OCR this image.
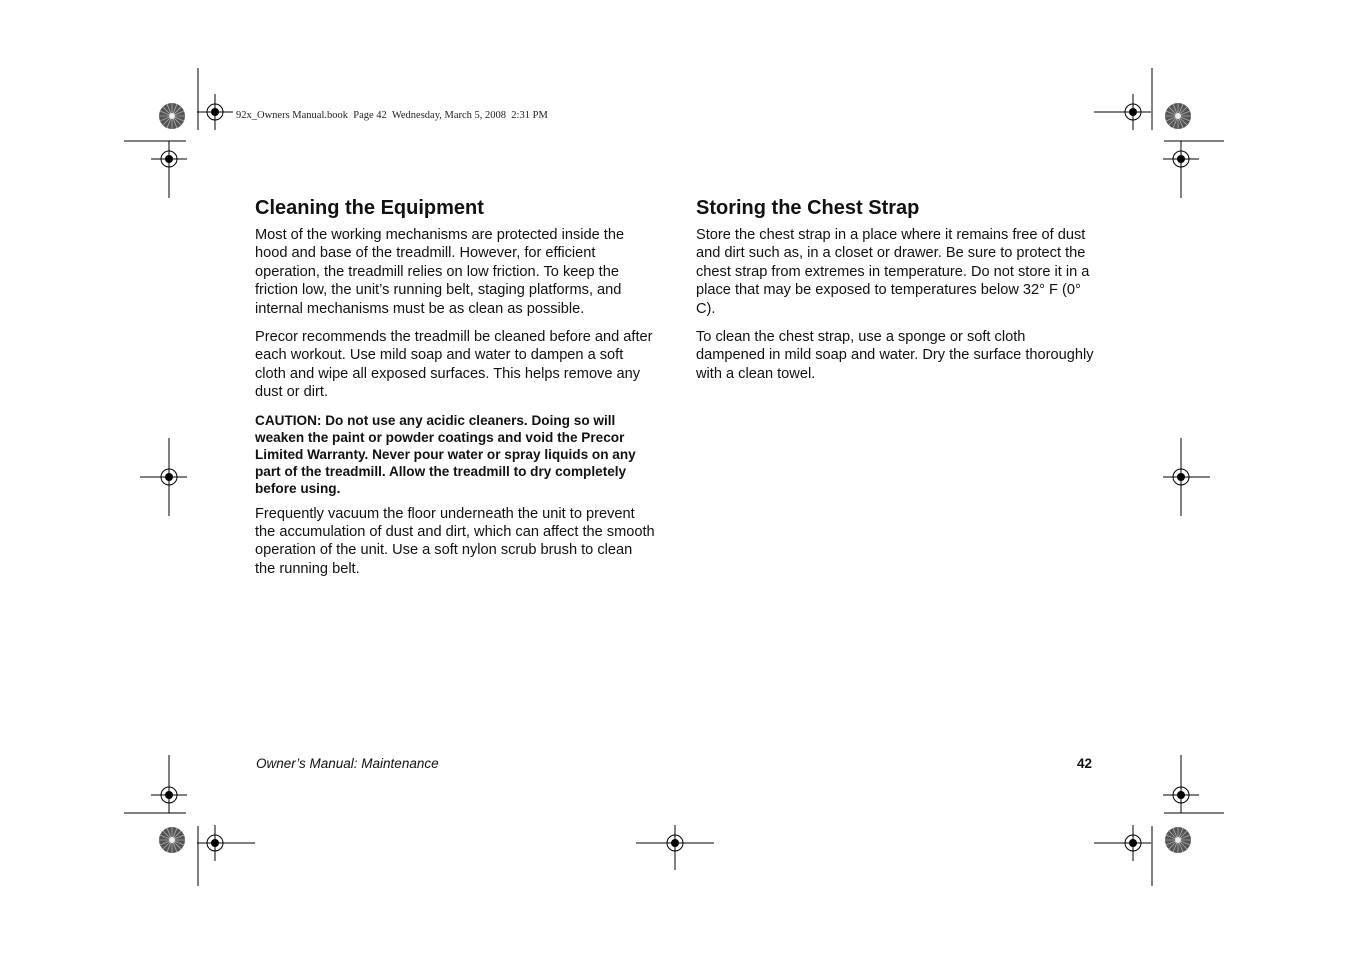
92x_Owners Manual.book  Page 42  Wednesday, March 5, 2008  2:31 PM
Cleaning the Equipment

Most of the working mechanisms are protected inside the hood and base of the treadmill. However, for efficient operation, the treadmill relies on low friction. To keep the friction low, the unit’s running belt, staging platforms, and internal mechanisms must be as clean as possible.

Precor recommends the treadmill be cleaned before and after each workout. Use mild soap and water to dampen a soft cloth and wipe all exposed surfaces. This helps remove any dust or dirt.

CAUTION: Do not use any acidic cleaners. Doing so will weaken the paint or powder coatings and void the Precor Limited Warranty. Never pour water or spray liquids on any part of the treadmill. Allow the treadmill to dry completely before using.

Frequently vacuum the floor underneath the unit to prevent the accumulation of dust and dirt, which can affect the smooth operation of the unit. Use a soft nylon scrub brush to clean the running belt.

Storing the Chest Strap

Store the chest strap in a place where it remains free of dust and dirt such as, in a closet or drawer. Be sure to protect the chest strap from extremes in temperature. Do not store it in a place that may be exposed to temperatures below 32° F (0° C).

To clean the chest strap, use a sponge or soft cloth dampened in mild soap and water. Dry the surface thoroughly with a clean towel.

Owner’s Manual: Maintenance	42
